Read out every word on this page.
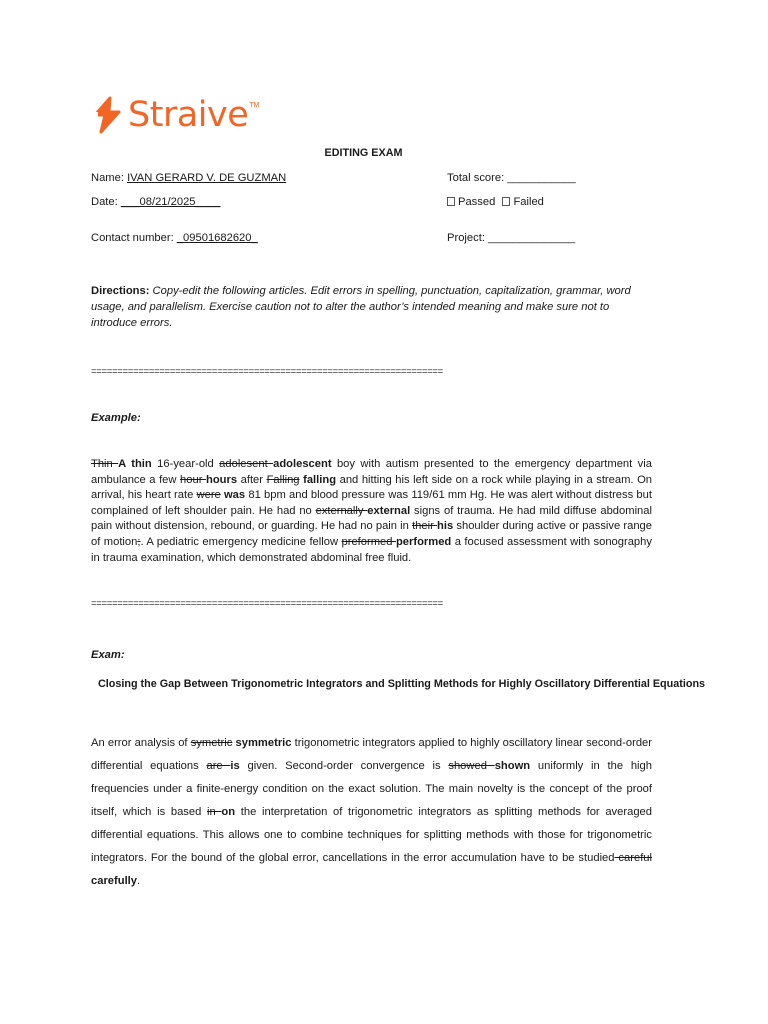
Straive TM
EDITING EXAM
Name: IVAN GERARD V. DE GUZMAN
Date: ___08/21/2025____
Contact number: _09501682620_
Total score: ___________
Passed Failed
Project: ______________
Directions: Copy-edit the following articles. Edit errors in spelling, punctuation, capitalization, grammar, word usage, and parallelism. Exercise caution not to alter the author’s intended meaning and make sure not to introduce errors.
===================================================================
Example:
Thin A thin 16-year-old adolesent adolescent boy with autism presented to the emergency department via ambulance a few hour hours after Falling falling and hitting his left side on a rock while playing in a stream. On arrival, his heart rate were was 81 bpm and blood pressure was 119/61 mm Hg. He was alert without distress but complained of left shoulder pain. He had no externally external signs of trauma. He had mild diffuse abdominal pain without distension, rebound, or guarding. He had no pain in their his shoulder during active or passive range of motion;. A pediatric emergency medicine fellow preformed performed a focused assessment with sonography in trauma examination, which demonstrated abdominal free fluid.
===================================================================
Exam:
Closing the Gap Between Trigonometric Integrators and Splitting Methods for Highly Oscillatory Differential Equations
An error analysis of symetric symmetric trigonometric integrators applied to highly oscillatory linear second-order differential equations are is given. Second-order convergence is showed shown uniformly in the high frequencies under a finite-energy condition on the exact solution. The main novelty is the concept of the proof itself, which is based in on the interpretation of trigonometric integrators as splitting methods for averaged differential equations. This allows one to combine techniques for splitting methods with those for trigonometric integrators. For the bound of the global error, cancellations in the error accumulation have to be studied careful carefully.
